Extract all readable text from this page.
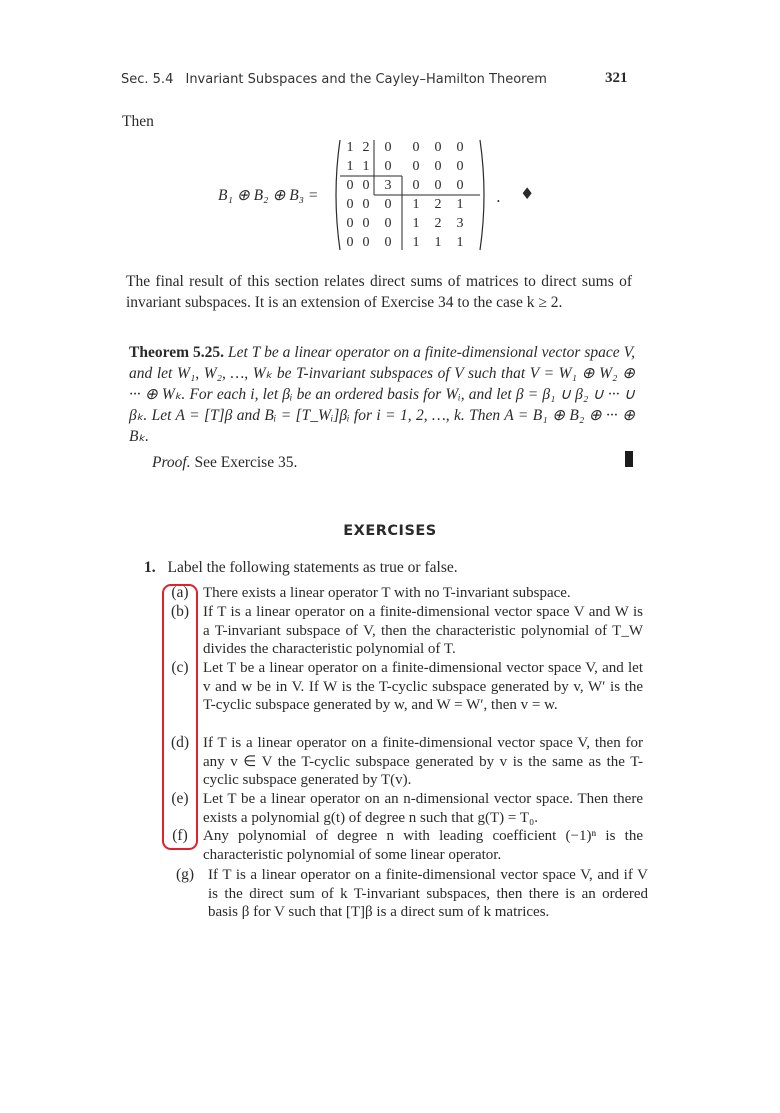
Sec. 5.4 Invariant Subspaces and the Cayley–Hamilton Theorem	321
Then
B₁ ⊕ B₂ ⊕ B₃ =
1 2 0 0 0 0
1 1 0 0 0 0
0 0 3 0 0 0
0 0 0 1 2 1
0 0 0 1 2 3
0 0 0 1 1 1
. ♦
The final result of this section relates direct sums of matrices to direct sums of invariant subspaces. It is an extension of Exercise 34 to the case k ≥ 2.
Theorem 5.25. Let T be a linear operator on a finite-dimensional vector space V, and let W₁, W₂, …, Wₖ be T-invariant subspaces of V such that V = W₁ ⊕ W₂ ⊕ ··· ⊕ Wₖ. For each i, let βᵢ be an ordered basis for Wᵢ, and let β = β₁ ∪ β₂ ∪ ··· ∪ βₖ. Let A = [T]β and Bᵢ = [T_Wᵢ]βᵢ for i = 1, 2, …, k. Then A = B₁ ⊕ B₂ ⊕ ··· ⊕ Bₖ.
Proof. See Exercise 35.
EXERCISES
1. Label the following statements as true or false.
(a) There exists a linear operator T with no T-invariant subspace.
(b) If T is a linear operator on a finite-dimensional vector space V and W is a T-invariant subspace of V, then the characteristic polynomial of T_W divides the characteristic polynomial of T.
(c) Let T be a linear operator on a finite-dimensional vector space V, and let v and w be in V. If W is the T-cyclic subspace generated by v, W′ is the T-cyclic subspace generated by w, and W = W′, then v = w.
(d) If T is a linear operator on a finite-dimensional vector space V, then for any v ∈ V the T-cyclic subspace generated by v is the same as the T-cyclic subspace generated by T(v).
(e) Let T be a linear operator on an n-dimensional vector space. Then there exists a polynomial g(t) of degree n such that g(T) = T₀.
(f)	Any polynomial of degree n with leading coefficient (−1)ⁿ is the characteristic polynomial of some linear operator.
(g) If T is a linear operator on a finite-dimensional vector space V, and if V is the direct sum of k T-invariant subspaces, then there is an ordered basis β for V such that [T]β is a direct sum of k matrices.
